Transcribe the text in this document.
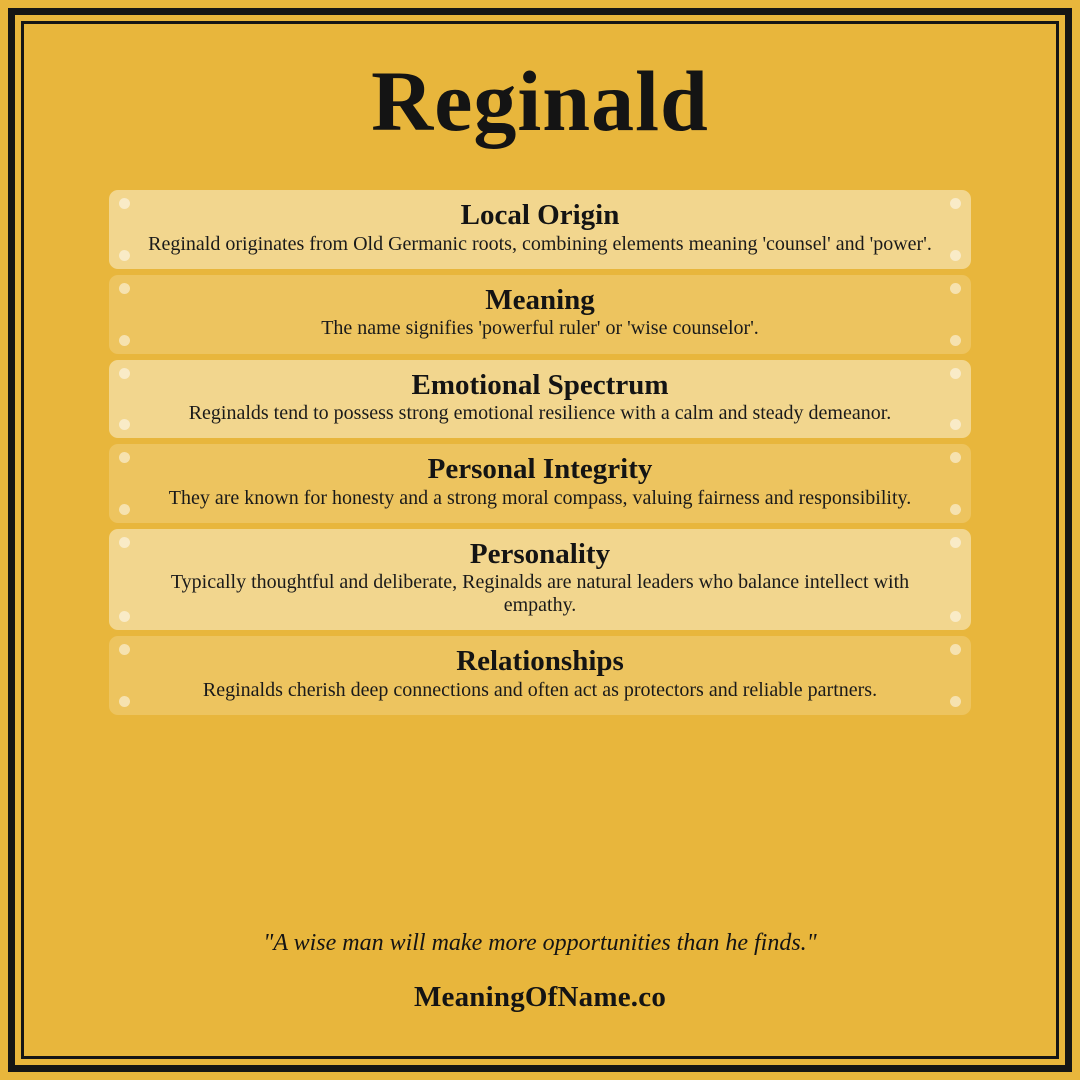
Reginald
Local Origin
Reginald originates from Old Germanic roots, combining elements meaning 'counsel' and 'power'.
Meaning
The name signifies 'powerful ruler' or 'wise counselor'.
Emotional Spectrum
Reginalds tend to possess strong emotional resilience with a calm and steady demeanor.
Personal Integrity
They are known for honesty and a strong moral compass, valuing fairness and responsibility.
Personality
Typically thoughtful and deliberate, Reginalds are natural leaders who balance intellect with empathy.
Relationships
Reginalds cherish deep connections and often act as protectors and reliable partners.
"A wise man will make more opportunities than he finds."
MeaningOfName.co
